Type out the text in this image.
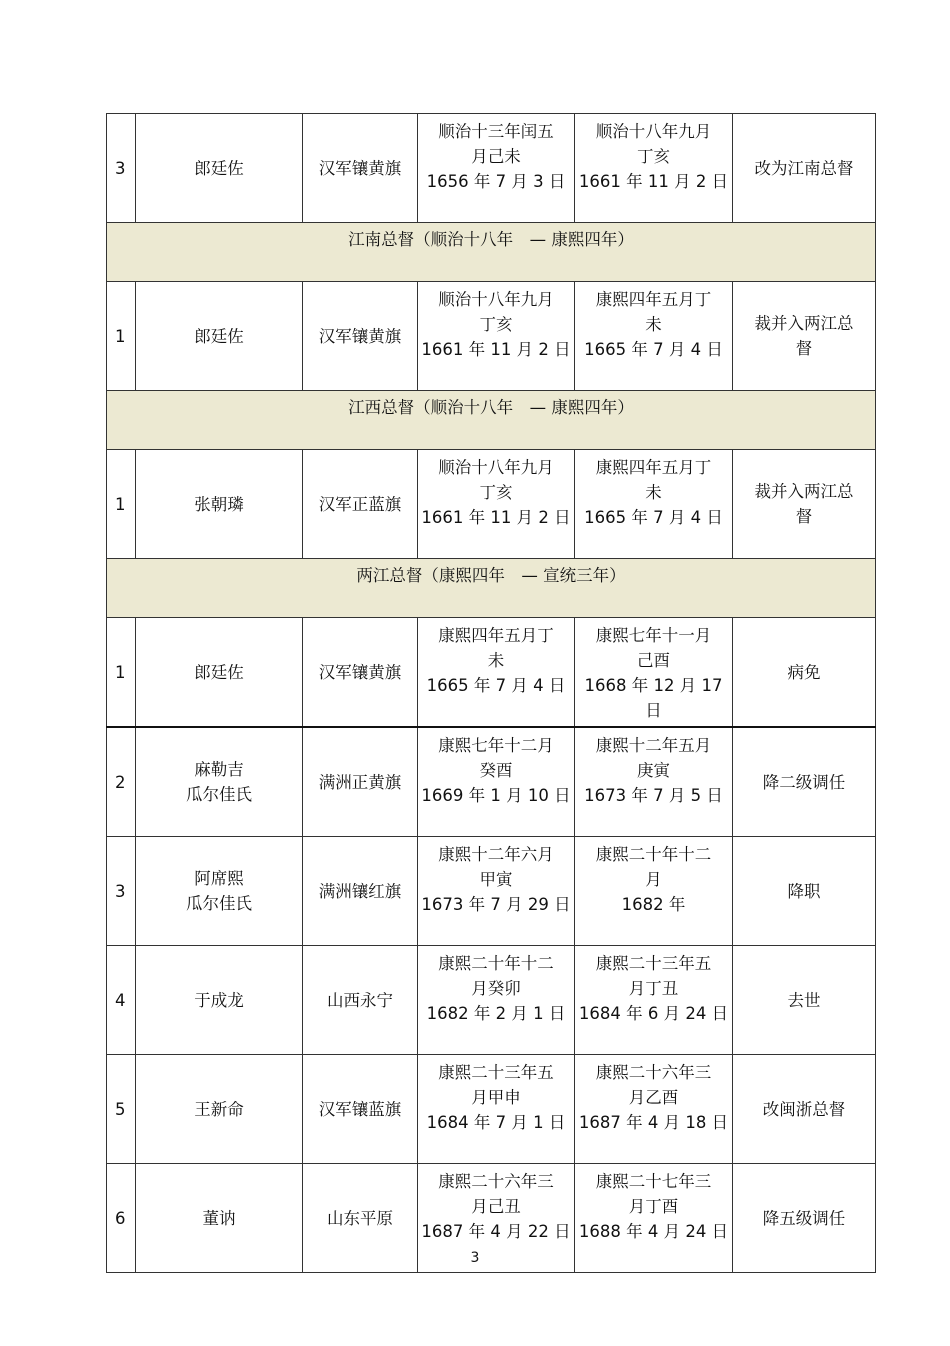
3	郎廷佐	汉军镶黄旗	顺治十三年闰五
月己未
1656 年 7 月 3 日	顺治十八年九月
丁亥
1661 年 11 月 2 日	改为江南总督

江南总督（顺治十八年　— 康熙四年）					
1	郎廷佐	汉军镶黄旗	顺治十八年九月
丁亥
1661 年 11 月 2 日	康熙四年五月丁
未
1665 年 7 月 4 日	裁并入两江总
督

江西总督（顺治十八年　— 康熙四年）					
1	张朝璘	汉军正蓝旗	顺治十八年九月
丁亥
1661 年 11 月 2 日	康熙四年五月丁
未
1665 年 7 月 4 日	裁并入两江总
督

两江总督（康熙四年　— 宣统三年）					
1	郎廷佐	汉军镶黄旗	康熙四年五月丁
未
1665 年 7 月 4 日	康熙七年十一月
己酉
1668 年 12 月 17
日	病免

2	麻勒吉
瓜尔佳氏	满洲正黄旗	康熙七年十二月
癸酉
1669 年 1 月 10 日	康熙十二年五月
庚寅
1673 年 7 月 5 日	降二级调任

3	阿席熙
瓜尔佳氏	满洲镶红旗	康熙十二年六月
甲寅
1673 年 7 月 29 日	康熙二十年十二
月
1682 年	降职

4	于成龙	山西永宁	康熙二十年十二
月癸卯
1682 年 2 月 1 日	康熙二十三年五
月丁丑
1684 年 6 月 24 日	去世

5	王新命	汉军镶蓝旗	康熙二十三年五
月甲申
1684 年 7 月 1 日	康熙二十六年三
月乙酉
1687 年 4 月 18 日	改闽浙总督

6	董讷	山东平原	康熙二十六年三
月己丑
1687 年 4 月 22 日	康熙二十七年三
月丁酉
1688 年 4 月 24 日	降五级调任
3
